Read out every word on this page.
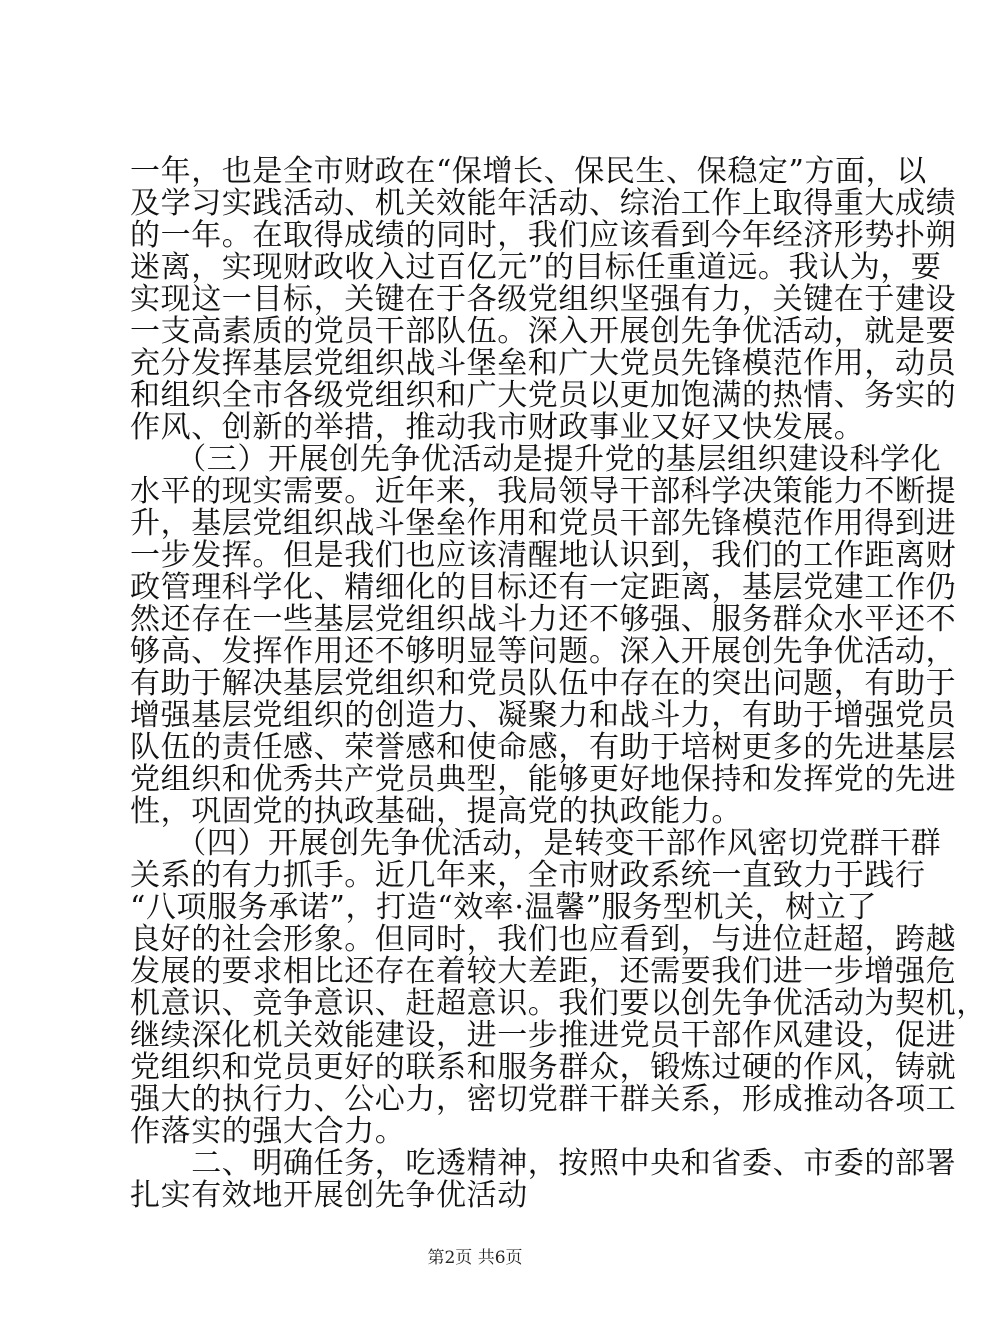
一年，也是全市财政在“保增长、保民生、保稳定”方面，以
及学习实践活动、机关效能年活动、综治工作上取得重大成绩
的一年。在取得成绩的同时，我们应该看到今年经济形势扑朔
迷离，实现财政收入过百亿元”的目标任重道远。我认为，要
实现这一目标，关键在于各级党组织坚强有力，关键在于建设
一支高素质的党员干部队伍。深入开展创先争优活动，就是要
充分发挥基层党组织战斗堡垒和广大党员先锋模范作用，动员
和组织全市各级党组织和广大党员以更加饱满的热情、务实的
作风、创新的举措，推动我市财政事业又好又快发展。
　　（三）开展创先争优活动是提升党的基层组织建设科学化
水平的现实需要。近年来，我局领导干部科学决策能力不断提
升，基层党组织战斗堡垒作用和党员干部先锋模范作用得到进
一步发挥。但是我们也应该清醒地认识到，我们的工作距离财
政管理科学化、精细化的目标还有一定距离，基层党建工作仍
然还存在一些基层党组织战斗力还不够强、服务群众水平还不
够高、发挥作用还不够明显等问题。深入开展创先争优活动，
有助于解决基层党组织和党员队伍中存在的突出问题，有助于
增强基层党组织的创造力、凝聚力和战斗力，有助于增强党员
队伍的责任感、荣誉感和使命感，有助于培树更多的先进基层
党组织和优秀共产党员典型，能够更好地保持和发挥党的先进
性，巩固党的执政基础，提高党的执政能力。
　　（四）开展创先争优活动，是转变干部作风密切党群干群
关系的有力抓手。近几年来，全市财政系统一直致力于践行
“八项服务承诺”，打造“效率·温馨”服务型机关，树立了
良好的社会形象。但同时，我们也应看到，与进位赶超，跨越
发展的要求相比还存在着较大差距，还需要我们进一步增强危
机意识、竞争意识、赶超意识。我们要以创先争优活动为契机，
继续深化机关效能建设，进一步推进党员干部作风建设，促进
党组织和党员更好的联系和服务群众，锻炼过硬的作风，铸就
强大的执行力、公心力，密切党群干群关系，形成推动各项工
作落实的强大合力。
　　二、明确任务，吃透精神，按照中央和省委、市委的部署
扎实有效地开展创先争优活动
第2页 共6页
